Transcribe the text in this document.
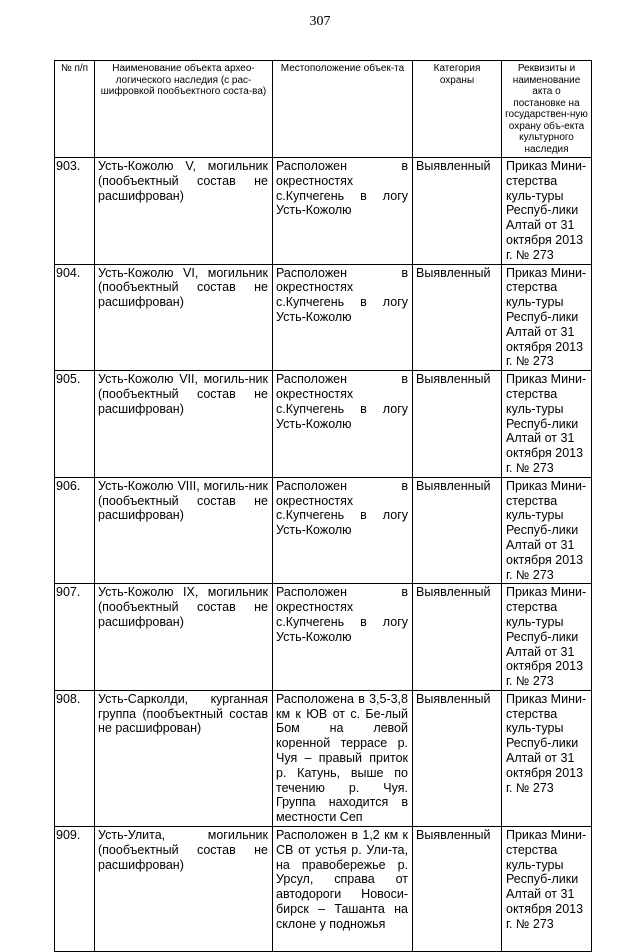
307
№ п/п	Наименование объекта архео-логического наследия (с рас-шифровкой пообъектного соста-ва)	Местоположение объек-та	Категория охраны	Реквизиты и наименование акта о постановке на государствен-ную охрану объ-екта культурного наследия
903.	Усть-Кожолю V, могильник (пообъектный состав не расшифрован)	Расположен в окрестностях с.Купчегень в логу Усть-Кожолю	Выявленный	Приказ Мини-стерства куль-туры Респуб-лики Алтай от 31 октября 2013 г. № 273
904.	Усть-Кожолю VI, могильник (пообъектный состав не расшифрован)	Расположен в окрестностях с.Купчегень в логу Усть-Кожолю	Выявленный	Приказ Мини-стерства куль-туры Респуб-лики Алтай от 31 октября 2013 г. № 273
905.	Усть-Кожолю VII, могиль-ник (пообъектный состав не расшифрован)	Расположен в окрестностях с.Купчегень в логу Усть-Кожолю	Выявленный	Приказ Мини-стерства куль-туры Респуб-лики Алтай от 31 октября 2013 г. № 273
906.	Усть-Кожолю VIII, могиль-ник (пообъектный состав не расшифрован)	Расположен в окрестностях с.Купчегень в логу Усть-Кожолю	Выявленный	Приказ Мини-стерства куль-туры Респуб-лики Алтай от 31 октября 2013 г. № 273
907.	Усть-Кожолю IX, могильник (пообъектный состав не расшифрован)	Расположен в окрестностях с.Купчегень в логу Усть-Кожолю	Выявленный	Приказ Мини-стерства куль-туры Респуб-лики Алтай от 31 октября 2013 г. № 273
908.	Усть-Сарколди, курганная группа (пообъектный состав не расшифрован)	Расположена в 3,5-3,8 км к ЮВ от с. Бе-лый Бом на левой коренной террасе р. Чуя – правый приток р. Катунь, выше по течению р. Чуя. Группа находится в местности Сеп	Выявленный	Приказ Мини-стерства куль-туры Респуб-лики Алтай от 31 октября 2013 г. № 273
909.	Усть-Улита, могильник (пообъектный состав не расшифрован)	Расположен в 1,2 км к СВ от устья р. Ули-та, на правобережье р. Урсул, справа от автодороги Новоси-бирск – Ташанта на склоне у подножья	Выявленный	Приказ Мини-стерства куль-туры Респуб-лики Алтай от 31 октября 2013 г. № 273
